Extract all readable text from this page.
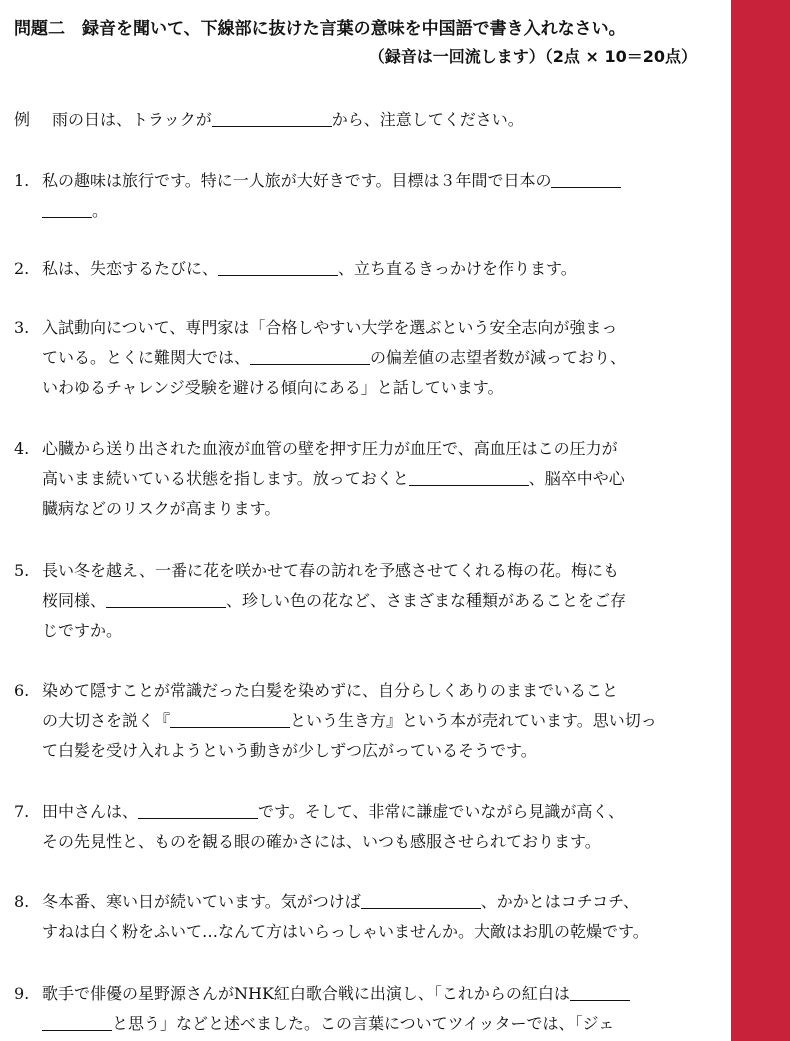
問題二　録音を聞いて、下線部に抜けた言葉の意味を中国語で書き入れなさい。
（録音は一回流します）（2点 × 10＝20点）
例 雨の日は、トラックが	から、注意してください。
1. 私の趣味は旅行です。特に一人旅が大好きです。目標は３年間で日本の
。
2. 私は、失恋するたびに、	、立ち直るきっかけを作ります。
3. 入試動向について、専門家は「合格しやすい大学を選ぶという安全志向が強まっ
ている。とくに難関大では、	の偏差値の志望者数が減っており、
いわゆるチャレンジ受験を避ける傾向にある」と話しています。
4. 心臓から送り出された血液が血管の壁を押す圧力が血圧で、高血圧はこの圧力が
高いまま続いている状態を指します。放っておくと	、脳卒中や心
臓病などのリスクが高まります。
5. 長い冬を越え、一番に花を咲かせて春の訪れを予感させてくれる梅の花。梅にも
桜同様、	、珍しい色の花など、さまざまな種類があることをご存
じですか。
6. 染めて隠すことが常識だった白髪を染めずに、自分らしくありのままでいること
の大切さを説く『	という生き方』という本が売れています。思い切っ
て白髪を受け入れようという動きが少しずつ広がっているそうです。
7. 田中さんは、	です。そして、非常に謙虚でいながら見識が高く、
その先見性と、ものを観る眼の確かさには、いつも感服させられております。
8. 冬本番、寒い日が続いています。気がつけば	、かかとはコチコチ、
すねは白く粉をふいて…なんて方はいらっしゃいませんか。大敵はお肌の乾燥です。
9. 歌手で俳優の星野源さんがNHK紅白歌合戦に出演し、「これからの紅白は
と思う」などと述べました。この言葉についてツイッターでは、「ジェ
